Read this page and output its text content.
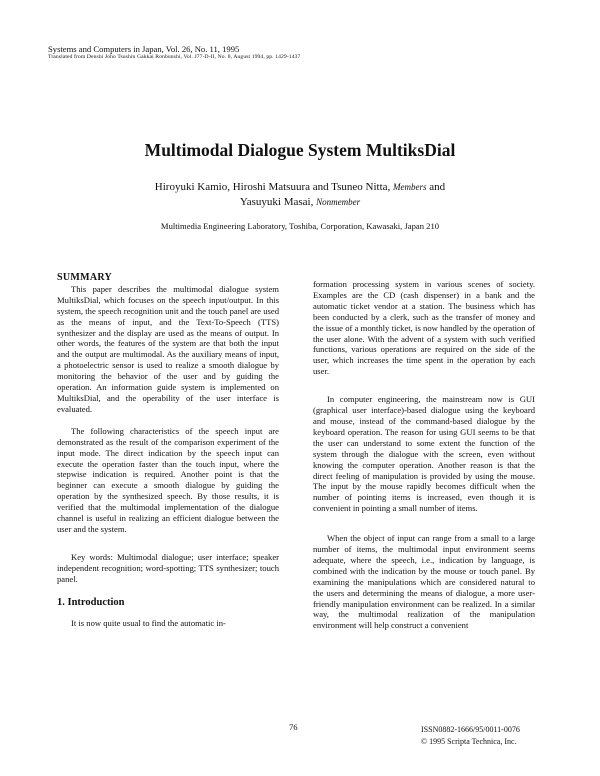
Systems and Computers in Japan, Vol. 26, No. 11, 1995
Translated from Denshi Joho Tsushin Gakkai Ronbunshi, Vol. J77-D-II, No. 8, August 1994, pp. 1429-1437
Multimodal Dialogue System MultiksDial
Hiroyuki Kamio, Hiroshi Matsuura and Tsuneo Nitta, Members and
Yasuyuki Masai, Nonmember
Multimedia Engineering Laboratory, Toshiba, Corporation, Kawasaki, Japan 210

SUMMARY

This paper describes the multimodal dialogue system MultiksDial, which focuses on the speech input/output. In this system, the speech recognition unit and the touch panel are used as the means of input, and the Text-To-Speech (TTS) synthesizer and the display are used as the means of output. In other words, the features of the system are that both the input and the output are multimodal. As the auxiliary means of input, a photoelectric sensor is used to realize a smooth dialogue by monitoring the behavior of the user and by guiding the operation. An information guide system is implemented on MultiksDial, and the operability of the user interface is evaluated.

The following characteristics of the speech input are demonstrated as the result of the comparison experiment of the input mode. The direct indication by the speech input can execute the operation faster than the touch input, where the stepwise indication is required. Another point is that the beginner can execute a smooth dialogue by guiding the operation by the synthesized speech. By those results, it is verified that the multimodal implementation of the dialogue channel is useful in realizing an efficient dialogue between the user and the system.

Key words: Multimodal dialogue; user interface; speaker independent recognition; word-spotting; TTS synthesizer; touch panel.

1. Introduction

It is now quite usual to find the automatic in-

formation processing system in various scenes of society. Examples are the CD (cash dispenser) in a bank and the automatic ticket vendor at a station. The business which has been conducted by a clerk, such as the transfer of money and the issue of a monthly ticket, is now handled by the operation of the user alone. With the advent of a system with such verified functions, various operations are required on the side of the user, which increases the time spent in the operation by each user.

In computer engineering, the mainstream now is GUI (graphical user interface)-based dialogue using the keyboard and mouse, instead of the command-based dialogue by the keyboard operation. The reason for using GUI seems to be that the user can understand to some extent the function of the system through the dialogue with the screen, even without knowing the computer operation. Another reason is that the direct feeling of manipulation is provided by using the mouse. The input by the mouse rapidly becomes difficult when the number of pointing items is increased, even though it is convenient in pointing a small number of items.

When the object of input can range from a small to a large number of items, the multimodal input environment seems adequate, where the speech, i.e., indication by language, is combined with the indication by the mouse or touch panel. By examining the manipulations which are considered natural to the users and determining the means of dialogue, a more user-friendly manipulation environment can be realized. In a similar way, the multimodal realization of the manipulation environment will help construct a convenient

76	ISSN0882-1666/95/0011-0076
© 1995 Scripta Technica, Inc.
